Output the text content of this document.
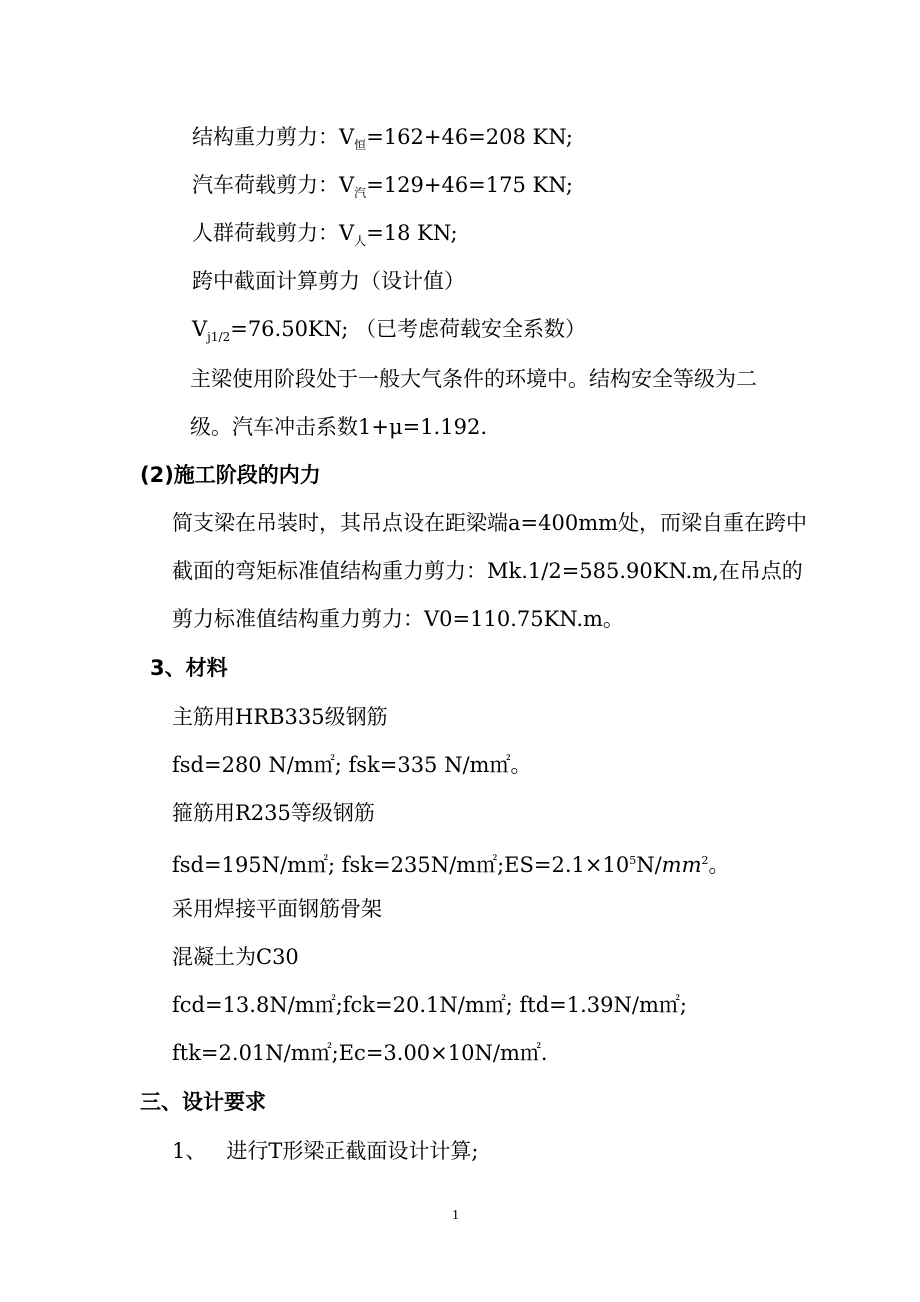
结构重力剪力：$V_恒=162+46=208$ KN;
汽车荷载剪力：$V_汽=129+46=175$ KN;
人群荷载剪力：$V_人=18$ KN;
跨中截面计算剪力（设计值）
$V_{j1/2}=76.50KN$; （已考虑荷载安全系数）
主梁使用阶段处于一般大气条件的环境中。结构安全等级为二
级。汽车冲击系数1+μ=1.192.
(2)施工阶段的内力
简支梁在吊装时，其吊点设在距梁端a=400mm处，而梁自重在跨中
截面的弯矩标准值结构重力剪力：Mk.1/2=585.90KN.m,在吊点的
剪力标准值结构重力剪力：V0=110.75KN.m。
3、材料
主筋用HRB335级钢筋
fsd=280 N/m㎡; fsk=335 N/m㎡。
箍筋用R235等级钢筋
fsd=195N/m㎡; $fsk=235N/m㎡;ES=2.1\times 10^5N/mm^2$。
采用焊接平面钢筋骨架
混凝土为C30
fcd=13.8N/m㎡;fck=20.1N/m㎡; ftd=1.39N/m㎡;
ftk=2.01N/m㎡;Ec=3.00×10N/m㎡.
三、设计要求
1、   进行T形梁正截面设计计算;
1
